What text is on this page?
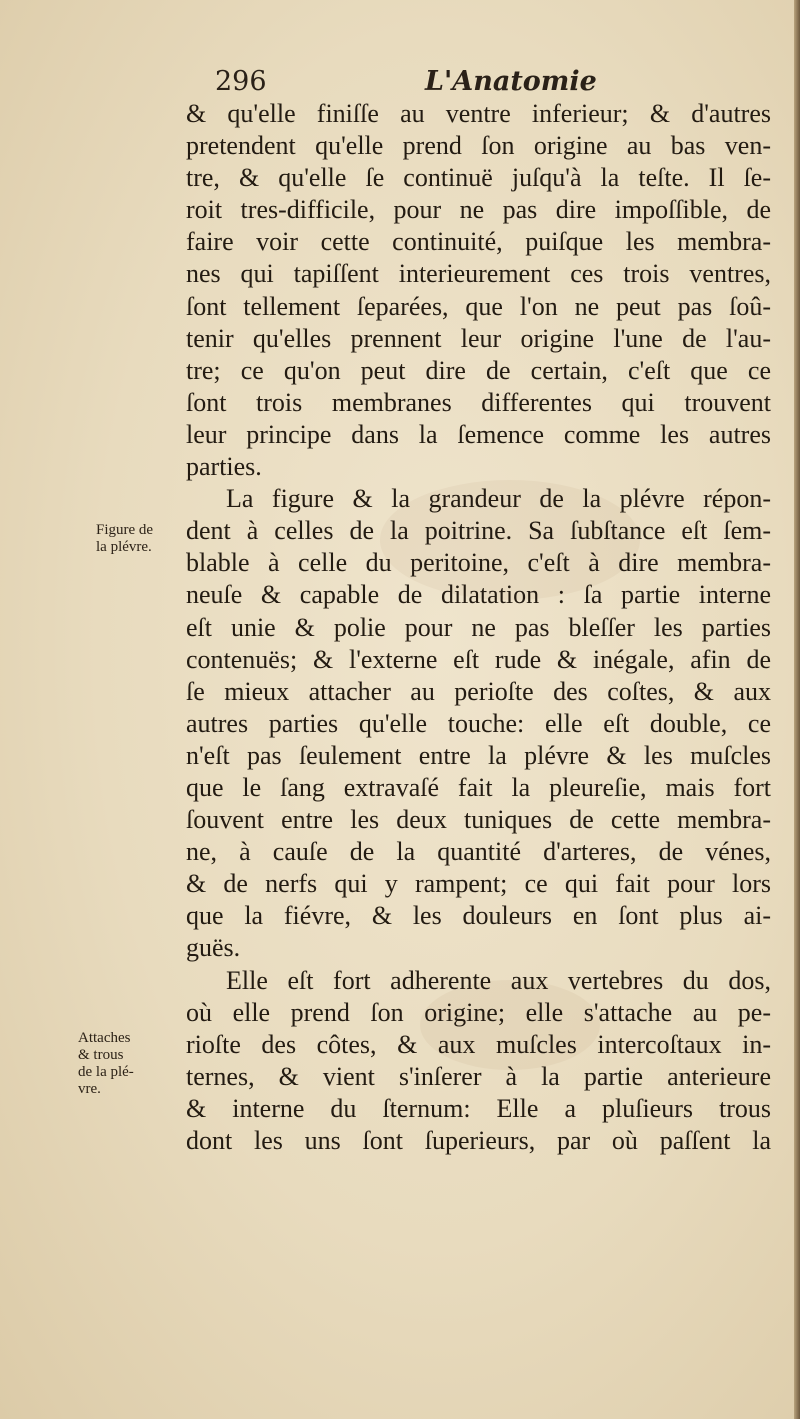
296	L'Anatomie
& qu'elle finiſſe au ventre inferieur; & d'autres
pretendent qu'elle prend ſon origine au bas ven-
tre, & qu'elle ſe continuë juſqu'à la teſte. Il ſe-
roit tres-difficile, pour ne pas dire impoſſible, de
faire voir cette continuité, puiſque les membra-
nes qui tapiſſent interieurement ces trois ventres,
ſont tellement ſeparées, que l'on ne peut pas ſoû-
tenir qu'elles prennent leur origine l'une de l'au-
tre; ce qu'on peut dire de certain, c'eſt que ce
ſont trois membranes differentes qui trouvent
leur principe dans la ſemence comme les autres
parties.
La figure & la grandeur de la plévre répon-
dent à celles de la poitrine. Sa ſubſtance eſt ſem-
blable à celle du peritoine, c'eſt à dire membra-
neuſe & capable de dilatation : ſa partie interne
eſt unie & polie pour ne pas bleſſer les parties
contenuës; & l'externe eſt rude & inégale, afin de
ſe mieux attacher au perioſte des coſtes, & aux
autres parties qu'elle touche: elle eſt double, ce
n'eſt pas ſeulement entre la plévre & les muſcles
que le ſang extravaſé fait la pleureſie, mais fort
ſouvent entre les deux tuniques de cette membra-
ne, à cauſe de la quantité d'arteres, de vénes,
& de nerfs qui y rampent; ce qui fait pour lors
que la fiévre, & les douleurs en ſont plus ai-
guës.
Elle eſt fort adherente aux vertebres du dos,
où elle prend ſon origine; elle s'attache au pe-
rioſte des côtes, & aux muſcles intercoſtaux in-
ternes, & vient s'inſerer à la partie anterieure
& interne du ſternum: Elle a pluſieurs trous
dont les uns ſont ſuperieurs, par où paſſent la
Figure de
la plévre.
Attaches
& trous
de la plé-
vre.
